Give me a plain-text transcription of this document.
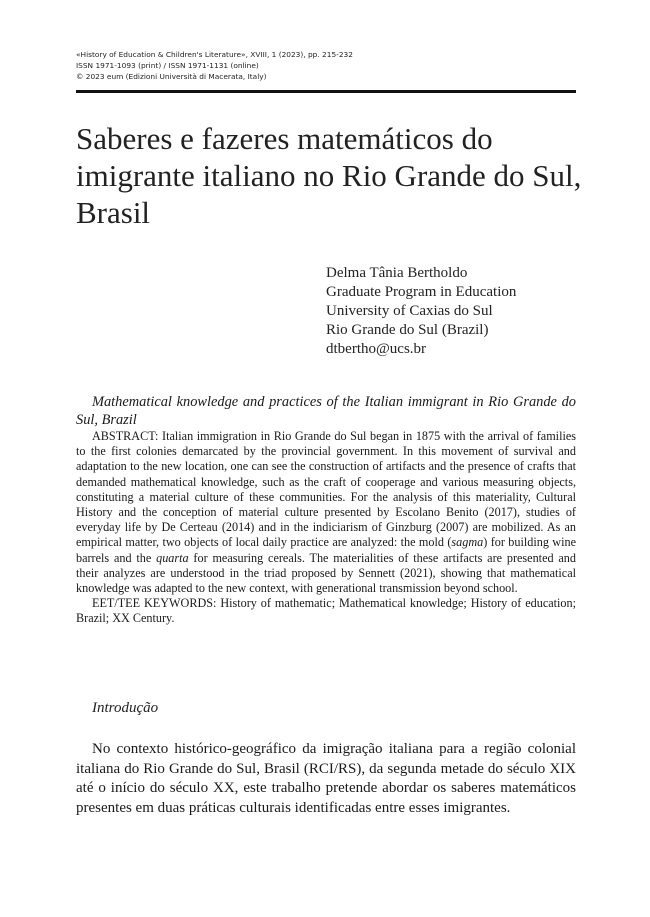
«History of Education & Children's Literature», XVIII, 1 (2023), pp. 215-232
ISSN 1971-1093 (print) / ISSN 1971-1131 (online)
© 2023 eum (Edizioni Università di Macerata, Italy)
Saberes e fazeres matemáticos do
imigrante italiano no Rio Grande do Sul,
Brasil
Delma Tânia Bertholdo
Graduate Program in Education
University of Caxias do Sul
Rio Grande do Sul (Brazil)
dtbertho@ucs.br

Mathematical knowledge and practices of the Italian immigrant in Rio Grande do Sul, Brazil

ABSTRACT: Italian immigration in Rio Grande do Sul began in 1875 with the arrival of families to the first colonies demarcated by the provincial government. In this movement of survival and adaptation to the new location, one can see the construction of artifacts and the presence of crafts that demanded mathematical knowledge, such as the craft of cooperage and various measuring objects, constituting a material culture of these communities. For the analysis of this materiality, Cultural History and the conception of material culture presented by Escolano Benito (2017), studies of everyday life by De Certeau (2014) and in the indiciarism of Ginzburg (2007) are mobilized. As an empirical matter, two objects of local daily practice are analyzed: the mold (sagma) for building wine barrels and the quarta for measuring cereals. The materialities of these artifacts are presented and their analyzes are understood in the triad proposed by Sennett (2021), showing that mathematical knowledge was adapted to the new context, with generational transmission beyond school.

EET/TEE KEYWORDS: History of mathematic; Mathematical knowledge; History of education; Brazil; XX Century.

Introdução

No contexto histórico-geográfico da imigração italiana para a região colonial italiana do Rio Grande do Sul, Brasil (RCI/RS), da segunda metade do século XIX até o início do século XX, este trabalho pretende abordar os saberes matemáticos presentes em duas práticas culturais identificadas entre esses imigrantes.
